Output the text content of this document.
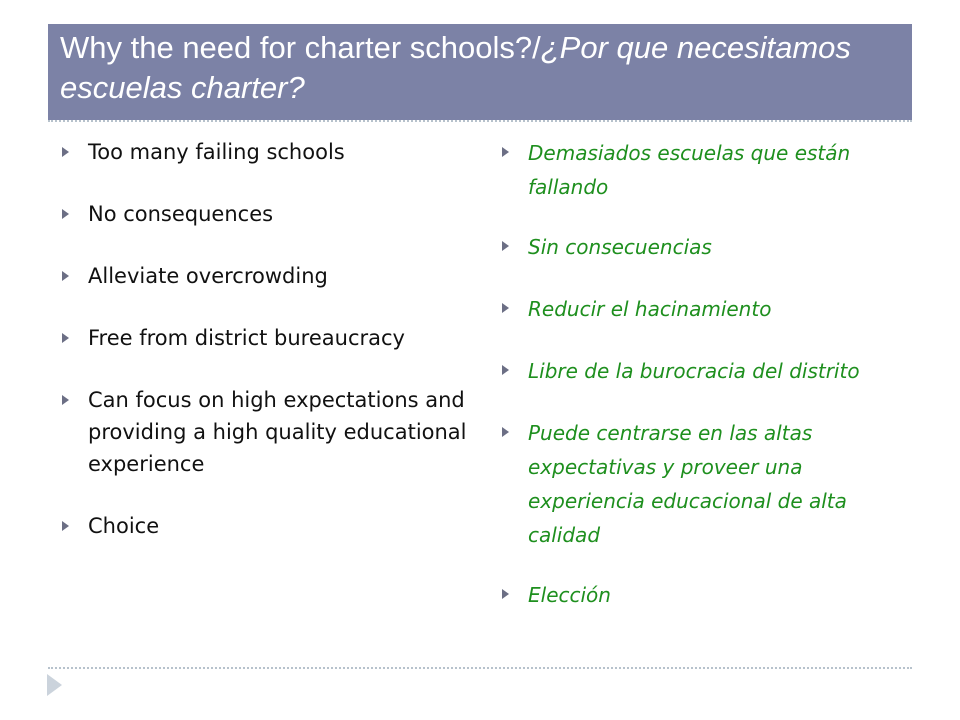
Why the need for charter schools?/¿Por que necesitamos escuelas charter?
Too many failing schools
No consequences
Alleviate overcrowding
Free from district bureaucracy
Can focus on high expectations and providing a high quality educational experience
Choice
Demasiados escuelas que están fallando
Sin consecuencias
Reducir el hacinamiento
Libre de la burocracia del distrito
Puede centrarse en las altas expectativas y proveer una experiencia educacional de alta calidad
Elección
